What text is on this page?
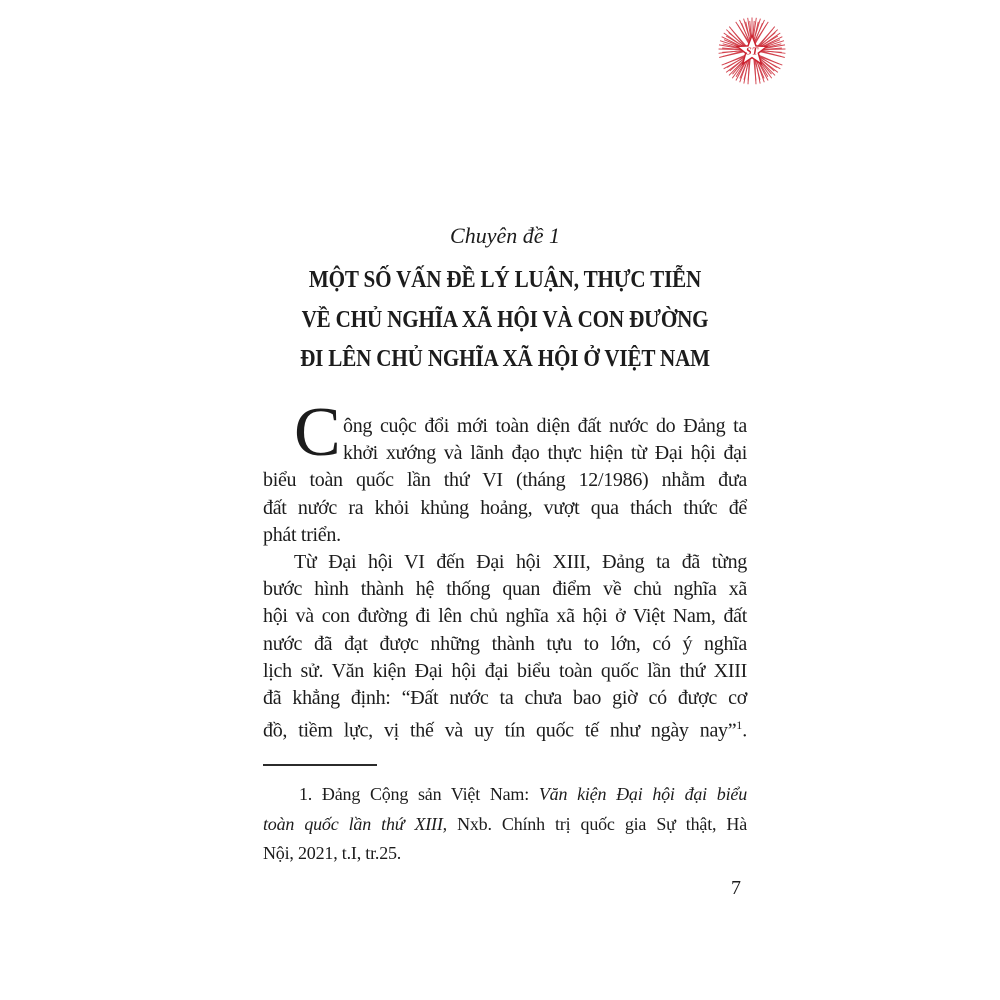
ST
Chuyên đề 1
MỘT SỐ VẤN ĐỀ LÝ LUẬN, THỰC TIỄN
VỀ CHỦ NGHĨA XÃ HỘI VÀ CON ĐƯỜNG
ĐI LÊN CHỦ NGHĨA XÃ HỘI Ở VIỆT NAM
C ông cuộc đổi mới toàn diện đất nước do Đảng ta
khởi xướng và lãnh đạo thực hiện từ Đại hội đại
biểu toàn quốc lần thứ VI (tháng 12/1986) nhằm đưa
đất nước ra khỏi khủng hoảng, vượt qua thách thức để
phát triển.
Từ Đại hội VI đến Đại hội XIII, Đảng ta đã từng
bước hình thành hệ thống quan điểm về chủ nghĩa xã
hội và con đường đi lên chủ nghĩa xã hội ở Việt Nam, đất
nước đã đạt được những thành tựu to lớn, có ý nghĩa
lịch sử. Văn kiện Đại hội đại biểu toàn quốc lần thứ XIII
đã khẳng định: “Đất nước ta chưa bao giờ có được cơ
đồ, tiềm lực, vị thế và uy tín quốc tế như ngày nay”$^1$.
1. Đảng Cộng sản Việt Nam: Văn kiện Đại hội đại biểu
toàn quốc lần thứ XIII, Nxb. Chính trị quốc gia Sự thật, Hà
Nội, 2021, t.I, tr.25.
7
